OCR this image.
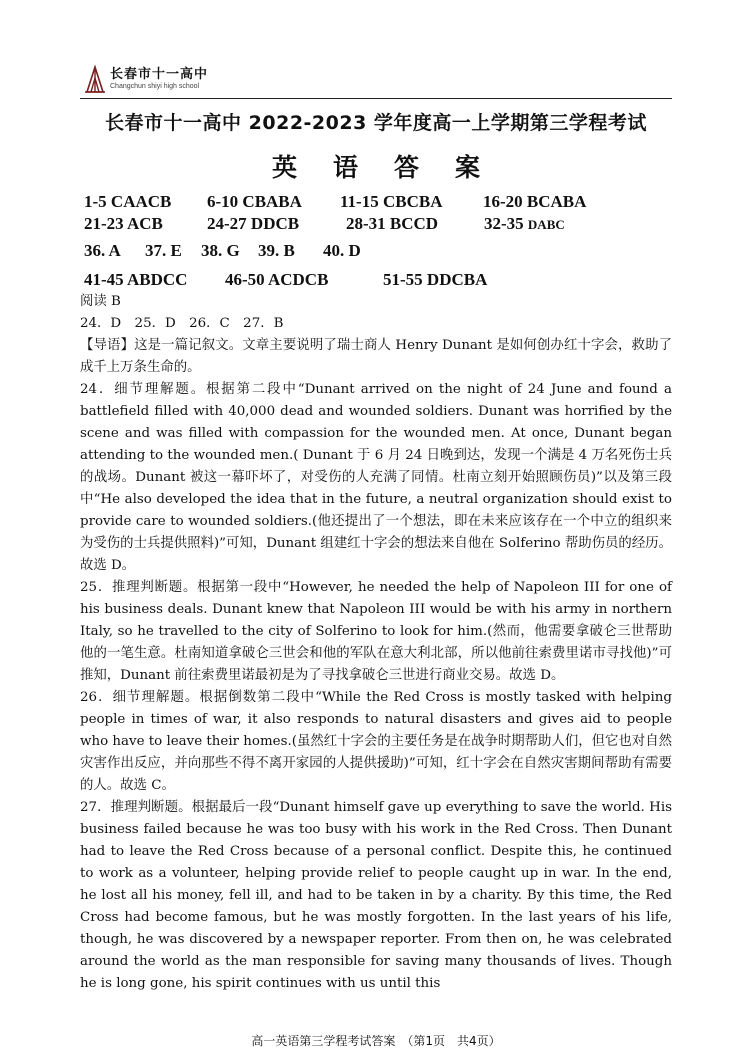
长春市十一高中
Changchun shiyi high school
长春市十一高中 2022-2023 学年度高一上学期第三学程考试
英语答案
1-5 CAACB 6-10 CBABA 11-15 CBCBA 16-20 BCABA
21-23 ACB	24-27 DDCB	28-31 BCCD	32-35 DABC
36. A 37. E 38. G 39. B 40. D
41-45 ABDCC 46-50 ACDCB	51-55 DDCBA

阅读 B

24．D　25．D　26．C　27．B

【导语】这是一篇记叙文。文章主要说明了瑞士商人 Henry Dunant 是如何创办红十字会，救助了成千上万条生命的。

24．细节理解题。根据第二段中“Dunant arrived on the night of 24 June and found a battlefield filled with 40,000 dead and wounded soldiers. Dunant was horrified by the scene and was filled with compassion for the wounded men. At once, Dunant began attending to the wounded men.( Dunant 于 6 月 24 日晚到达，发现一个满是 4 万名死伤士兵的战场。Dunant 被这一幕吓坏了，对受伤的人充满了同情。杜南立刻开始照顾伤员)”以及第三段中“He also developed the idea that in the future, a neutral organization should exist to provide care to wounded soldiers.(他还提出了一个想法，即在未来应该存在一个中立的组织来为受伤的士兵提供照料)”可知，Dunant 组建红十字会的想法来自他在 Solferino 帮助伤员的经历。故选 D。

25．推理判断题。根据第一段中“However, he needed the help of Napoleon III for one of his business deals. Dunant knew that Napoleon III would be with his army in northern Italy, so he travelled to the city of Solferino to look for him.(然而，他需要拿破仑三世帮助他的一笔生意。杜南知道拿破仑三世会和他的军队在意大利北部，所以他前往索费里诺市寻找他)”可推知，Dunant 前往索费里诺最初是为了寻找拿破仑三世进行商业交易。故选 D。

26．细节理解题。根据倒数第二段中“While the Red Cross is mostly tasked with helping people in times of war, it also responds to natural disasters and gives aid to people who have to leave their homes.(虽然红十字会的主要任务是在战争时期帮助人们，但它也对自然灾害作出反应，并向那些不得不离开家园的人提供援助)”可知，红十字会在自然灾害期间帮助有需要的人。故选 C。

27．推理判断题。根据最后一段“Dunant himself gave up everything to save the world. His business failed because he was too busy with his work in the Red Cross. Then Dunant had to leave the Red Cross because of a personal conflict. Despite this, he continued to work as a volunteer, helping provide relief to people caught up in war. In the end, he lost all his money, fell ill, and had to be taken in by a charity. By this time, the Red Cross had become famous, but he was mostly forgotten. In the last years of his life, though, he was discovered by a newspaper reporter. From then on, he was celebrated around the world as the man responsible for saving many thousands of lives. Though he is long gone, his spirit continues with us until this

高一英语第三学程考试答案　（第1页　共4页）
